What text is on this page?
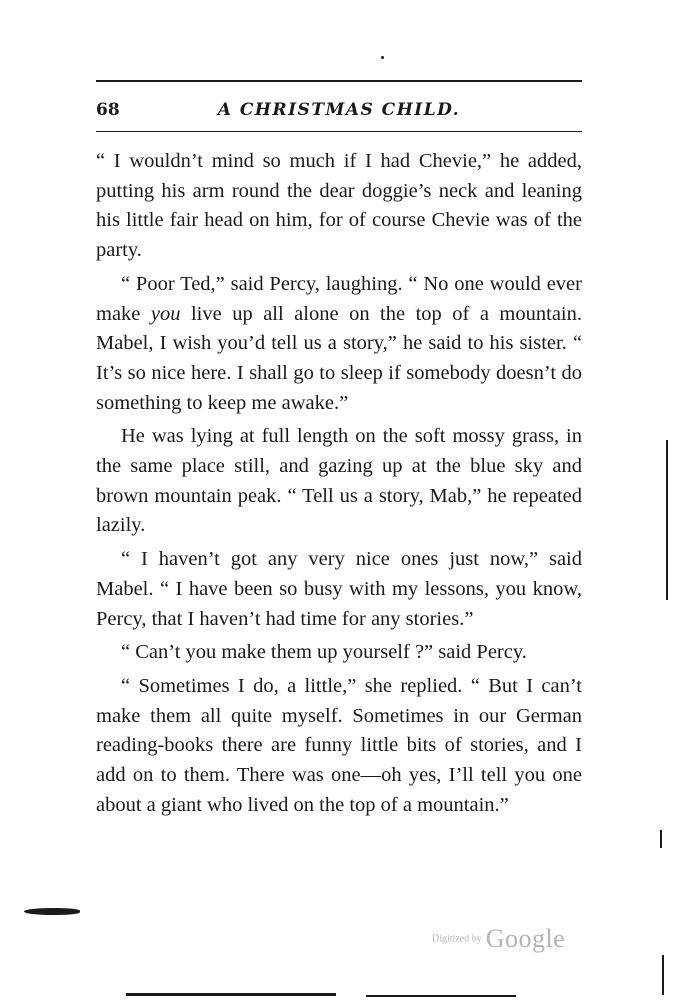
68	A CHRISTMAS CHILD.

“ I wouldn’t mind so much if I had Chevie,” he added, putting his arm round the dear doggie’s neck and leaning his little fair head on him, for of course Chevie was of the party.

“ Poor Ted,” said Percy, laughing. “ No one would ever make you live up all alone on the top of a mountain. Mabel, I wish you’d tell us a story,” he said to his sister. “ It’s so nice here. I shall go to sleep if somebody doesn’t do something to keep me awake.”

He was lying at full length on the soft mossy grass, in the same place still, and gazing up at the blue sky and brown mountain peak. “ Tell us a story, Mab,” he repeated lazily.

“ I haven’t got any very nice ones just now,” said Mabel. “ I have been so busy with my lessons, you know, Percy, that I haven’t had time for any stories.”

“ Can’t you make them up yourself ?” said Percy.

“ Sometimes I do, a little,” she replied. “ But I can’t make them all quite myself. Sometimes in our German reading-books there are funny little bits of stories, and I add on to them. There was one—oh yes, I’ll tell you one about a giant who lived on the top of a mountain.”

Digitized by Google
